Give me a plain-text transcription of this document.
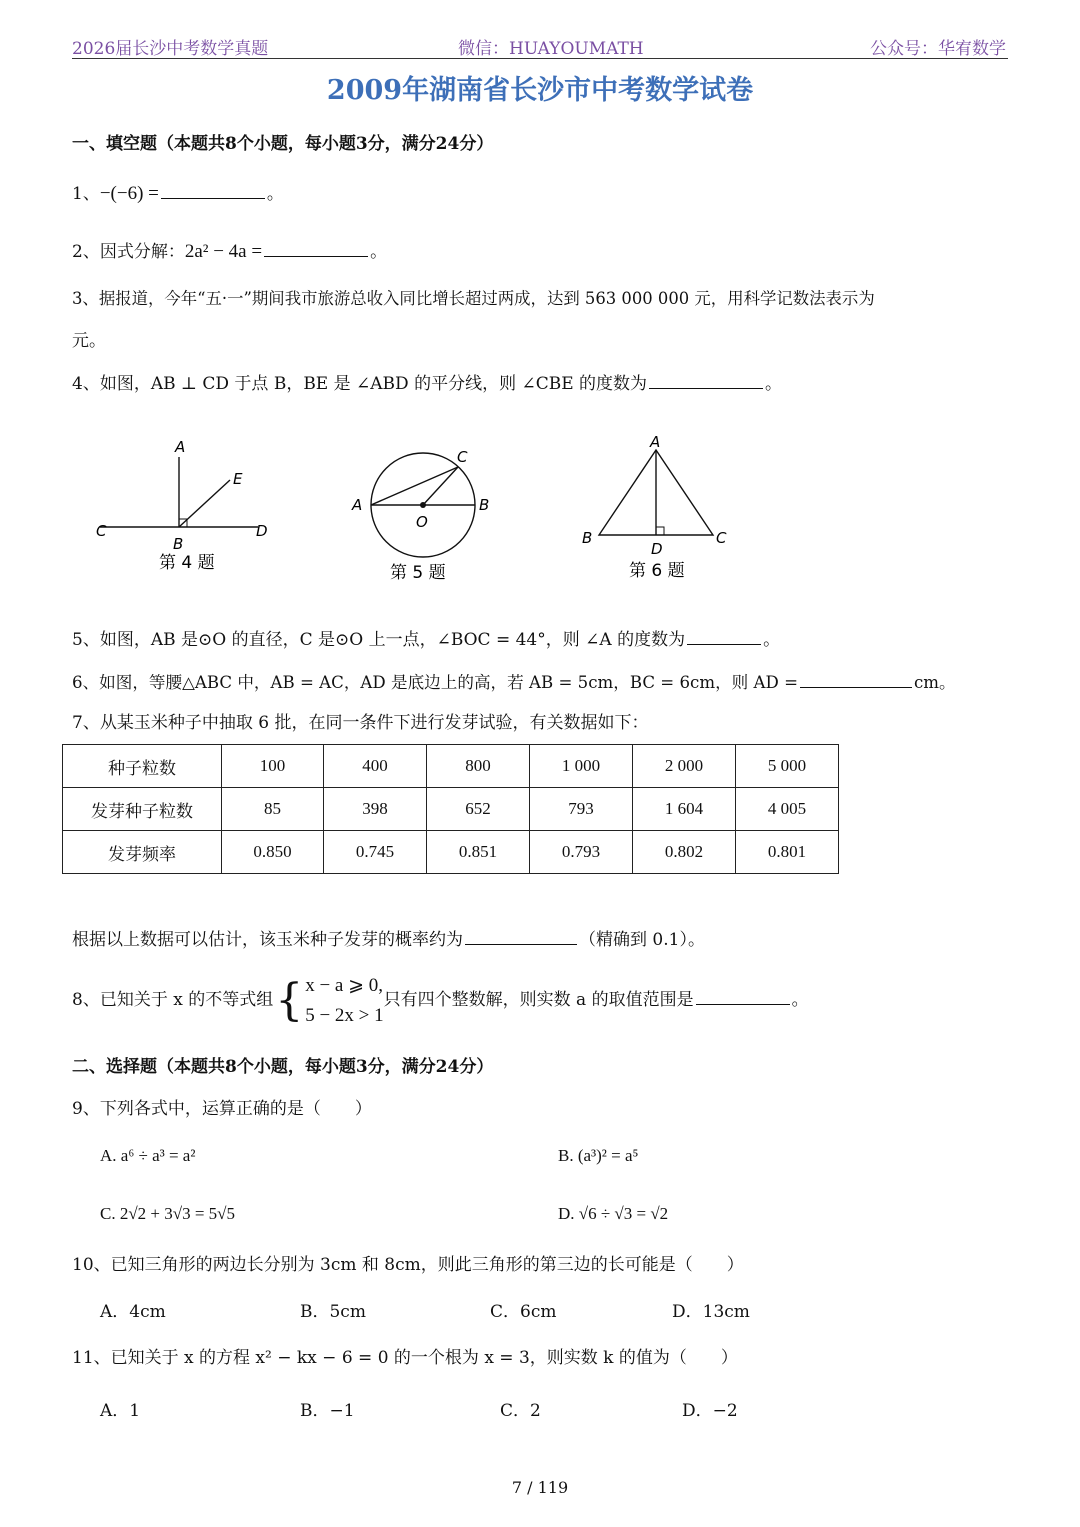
2026届长沙中考数学真题	微信：HUAYOUMATH	公众号：华宥数学
2009年湖南省长沙市中考数学试卷
一、填空题（本题共8个小题，每小题3分，满分24分）
1、−(−6) =	。
2、因式分解：2a² − 4a =	。
3、据报道，今年“五·一”期间我市旅游总收入同比增长超过两成，达到 563 000 000 元，用科学记数法表示为
元。
4、如图，AB ⊥ CD 于点 B，BE 是 ∠ABD 的平分线，则 ∠CBE 的度数为	。
A
E
C	D
B
第 4 题
A	B
C
O
第 5 题
A
B	C
D
第 6 题
5、如图，AB 是⊙O 的直径，C 是⊙O 上一点，∠BOC = 44°，则 ∠A 的度数为	。
6、如图，等腰△ABC 中，AB = AC，AD 是底边上的高，若 AB = 5cm，BC = 6cm，则 AD =	cm。
7、从某玉米种子中抽取 6 批，在同一条件下进行发芽试验，有关数据如下：
种子粒数	100	400	800	1 000	2 000	5 000
发芽种子粒数	85	398	652	793	1 604	4 005
发芽频率	0.850	0.745	0.851	0.793	0.802	0.801
根据以上数据可以估计，该玉米种子发芽的概率约为	（精确到 0.1）。
8、已知关于 x 的不等式组{ x − a ⩾ 0,
5 − 2x > 1只有四个整数解，则实数 a 的取值范围是	。
二、选择题（本题共8个小题，每小题3分，满分24分）
9、下列各式中，运算正确的是（　　）
A. a⁶ ÷ a³ = a²	B. (a³)² = a⁵
C. 2√2 + 3√3 = 5√5	D. √6 ÷ √3 = √2
10、已知三角形的两边长分别为 3cm 和 8cm，则此三角形的第三边的长可能是（　　）
A．4cm	B．5cm	C．6cm	D．13cm
11、已知关于 x 的方程 x² − kx − 6 = 0 的一个根为 x = 3，则实数 k 的值为（　　）
A．1	B．−1	C．2	D．−2
7 / 119
